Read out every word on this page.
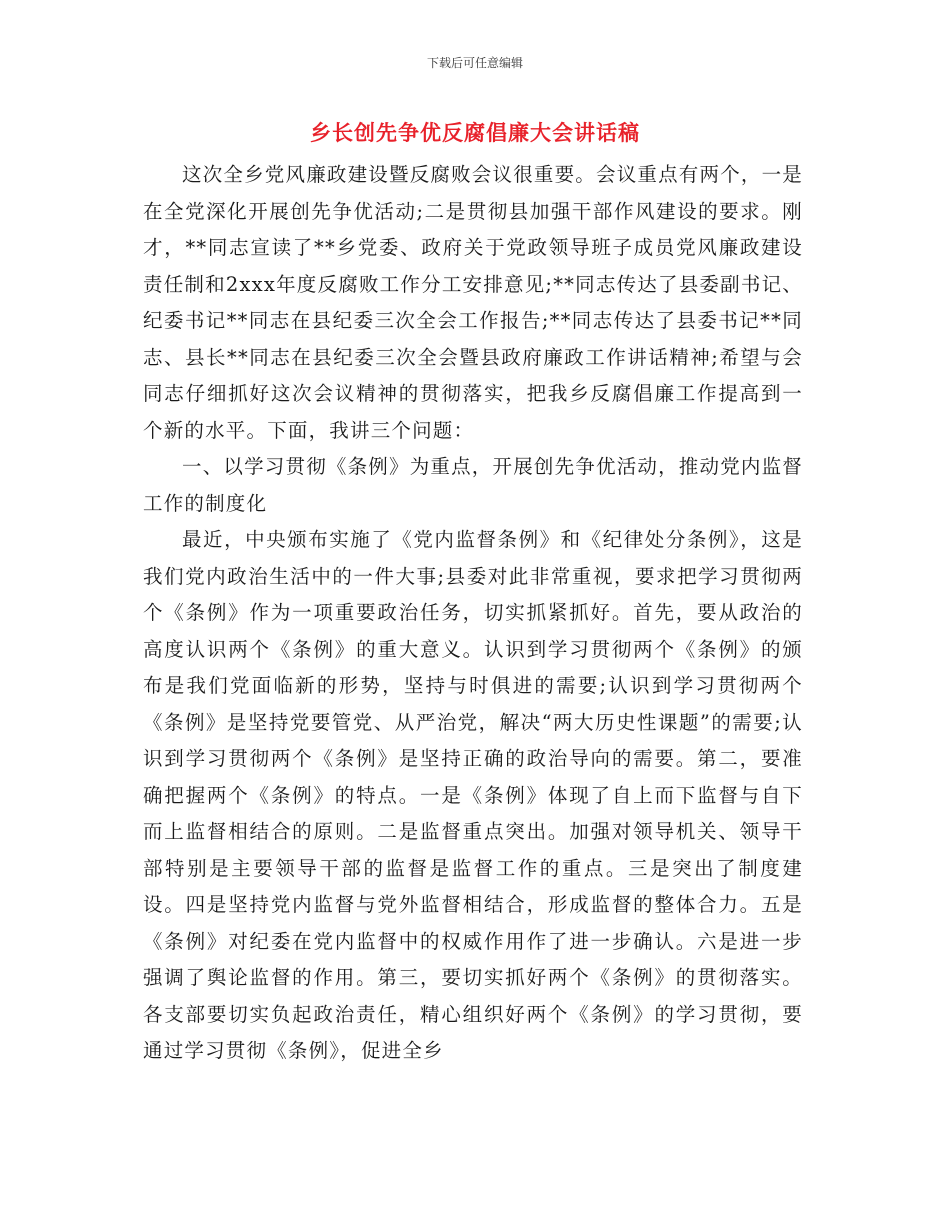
下载后可任意编辑
乡长创先争优反腐倡廉大会讲话稿

这次全乡党风廉政建设暨反腐败会议很重要。会议重点有两个，一是在全党深化开展创先争优活动;二是贯彻县加强干部作风建设的要求。刚才，**同志宣读了**乡党委、政府关于党政领导班子成员党风廉政建设责任制和2xxx年度反腐败工作分工安排意见;**同志传达了县委副书记、纪委书记**同志在县纪委三次全会工作报告;**同志传达了县委书记**同志、县长**同志在县纪委三次全会暨县政府廉政工作讲话精神;希望与会同志仔细抓好这次会议精神的贯彻落实，把我乡反腐倡廉工作提高到一个新的水平。下面，我讲三个问题：

一、以学习贯彻《条例》为重点，开展创先争优活动，推动党内监督工作的制度化

最近，中央颁布实施了《党内监督条例》和《纪律处分条例》，这是我们党内政治生活中的一件大事;县委对此非常重视，要求把学习贯彻两个《条例》作为一项重要政治任务，切实抓紧抓好。首先，要从政治的高度认识两个《条例》的重大意义。认识到学习贯彻两个《条例》的颁布是我们党面临新的形势，坚持与时俱进的需要;认识到学习贯彻两个《条例》是坚持党要管党、从严治党，解决“两大历史性课题”的需要;认识到学习贯彻两个《条例》是坚持正确的政治导向的需要。第二，要准确把握两个《条例》的特点。一是《条例》体现了自上而下监督与自下而上监督相结合的原则。二是监督重点突出。加强对领导机关、领导干部特别是主要领导干部的监督是监督工作的重点。三是突出了制度建设。四是坚持党内监督与党外监督相结合，形成监督的整体合力。五是《条例》对纪委在党内监督中的权威作用作了进一步确认。六是进一步强调了舆论监督的作用。第三，要切实抓好两个《条例》的贯彻落实。各支部要切实负起政治责任，精心组织好两个《条例》的学习贯彻，要通过学习贯彻《条例》，促进全乡
